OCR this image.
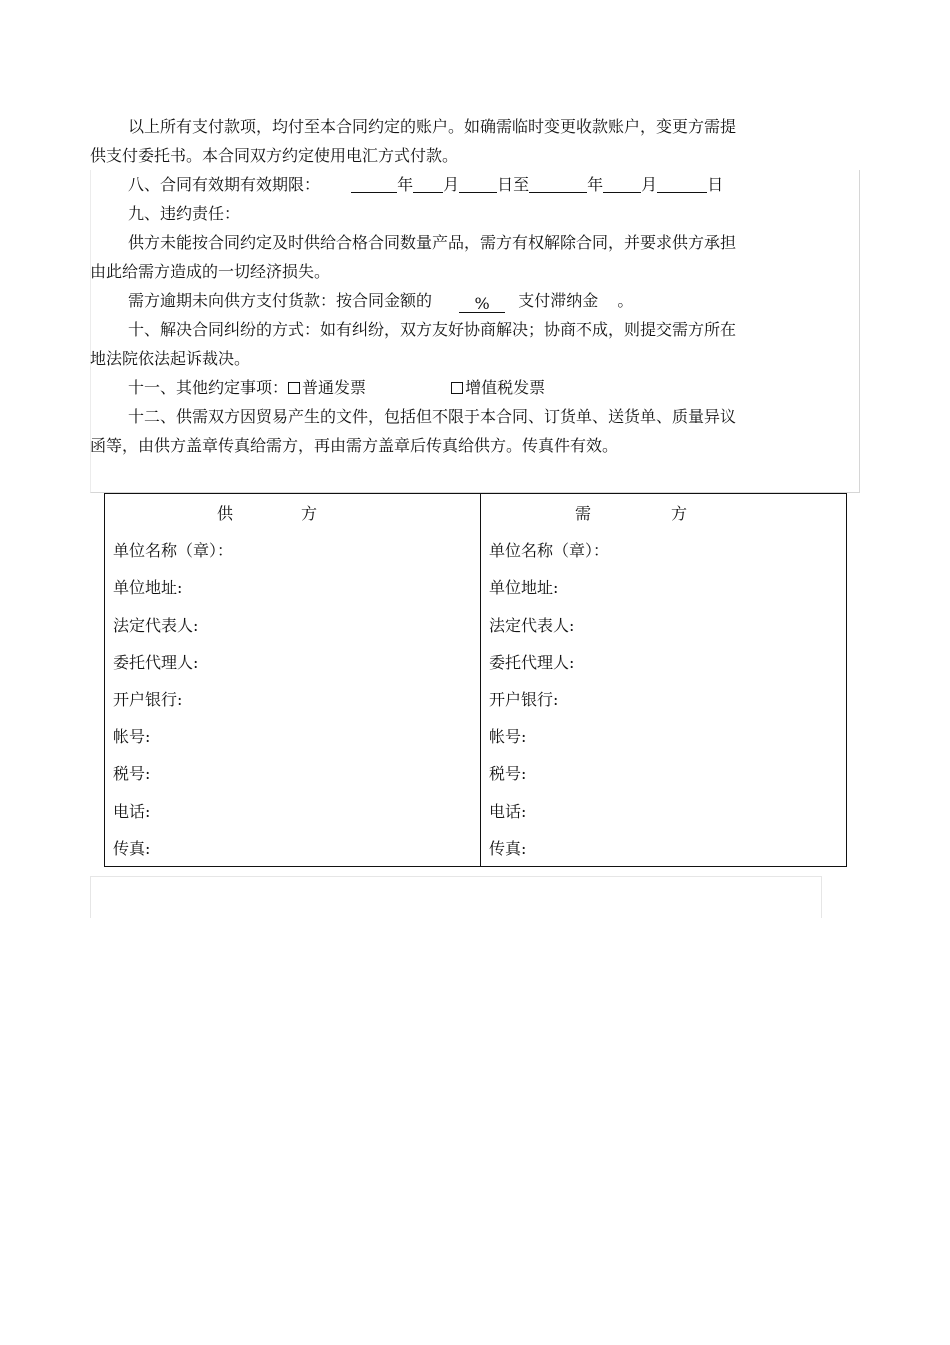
以上所有支付款项，均付至本合同约定的账户。如确需临时变更收款账户，变更方需提
供支付委托书。本合同双方约定使用电汇方式付款。
八、合同有效期有效期限：	年 月 日至	年 月	日
九、违约责任：
供方未能按合同约定及时供给合格合同数量产品，需方有权解除合同，并要求供方承担
由此给需方造成的一切经济损失。
需方逾期未向供方支付货款：按合同金额的	% 支付滞纳金 。
十、解决合同纠纷的方式：如有纠纷，双方友好协商解决；协商不成，则提交需方所在
地法院依法起诉裁决。
十一、其他约定事项： 普通发票	增值税发票
十二、供需双方因贸易产生的文件，包括但不限于本合同、订货单、送货单、质量异议
函等，由供方盖章传真给需方，再由需方盖章后传真给供方。传真件有效。
供 方	需 方
单位名称（章）：	单位名称（章）：
单位地址:	单位地址:
法定代表人:	法定代表人:
委托代理人:	委托代理人:
开户银行:	开户银行:
帐号:	帐号:
税号:	税号:
电话:	电话:
传真:	传真:
